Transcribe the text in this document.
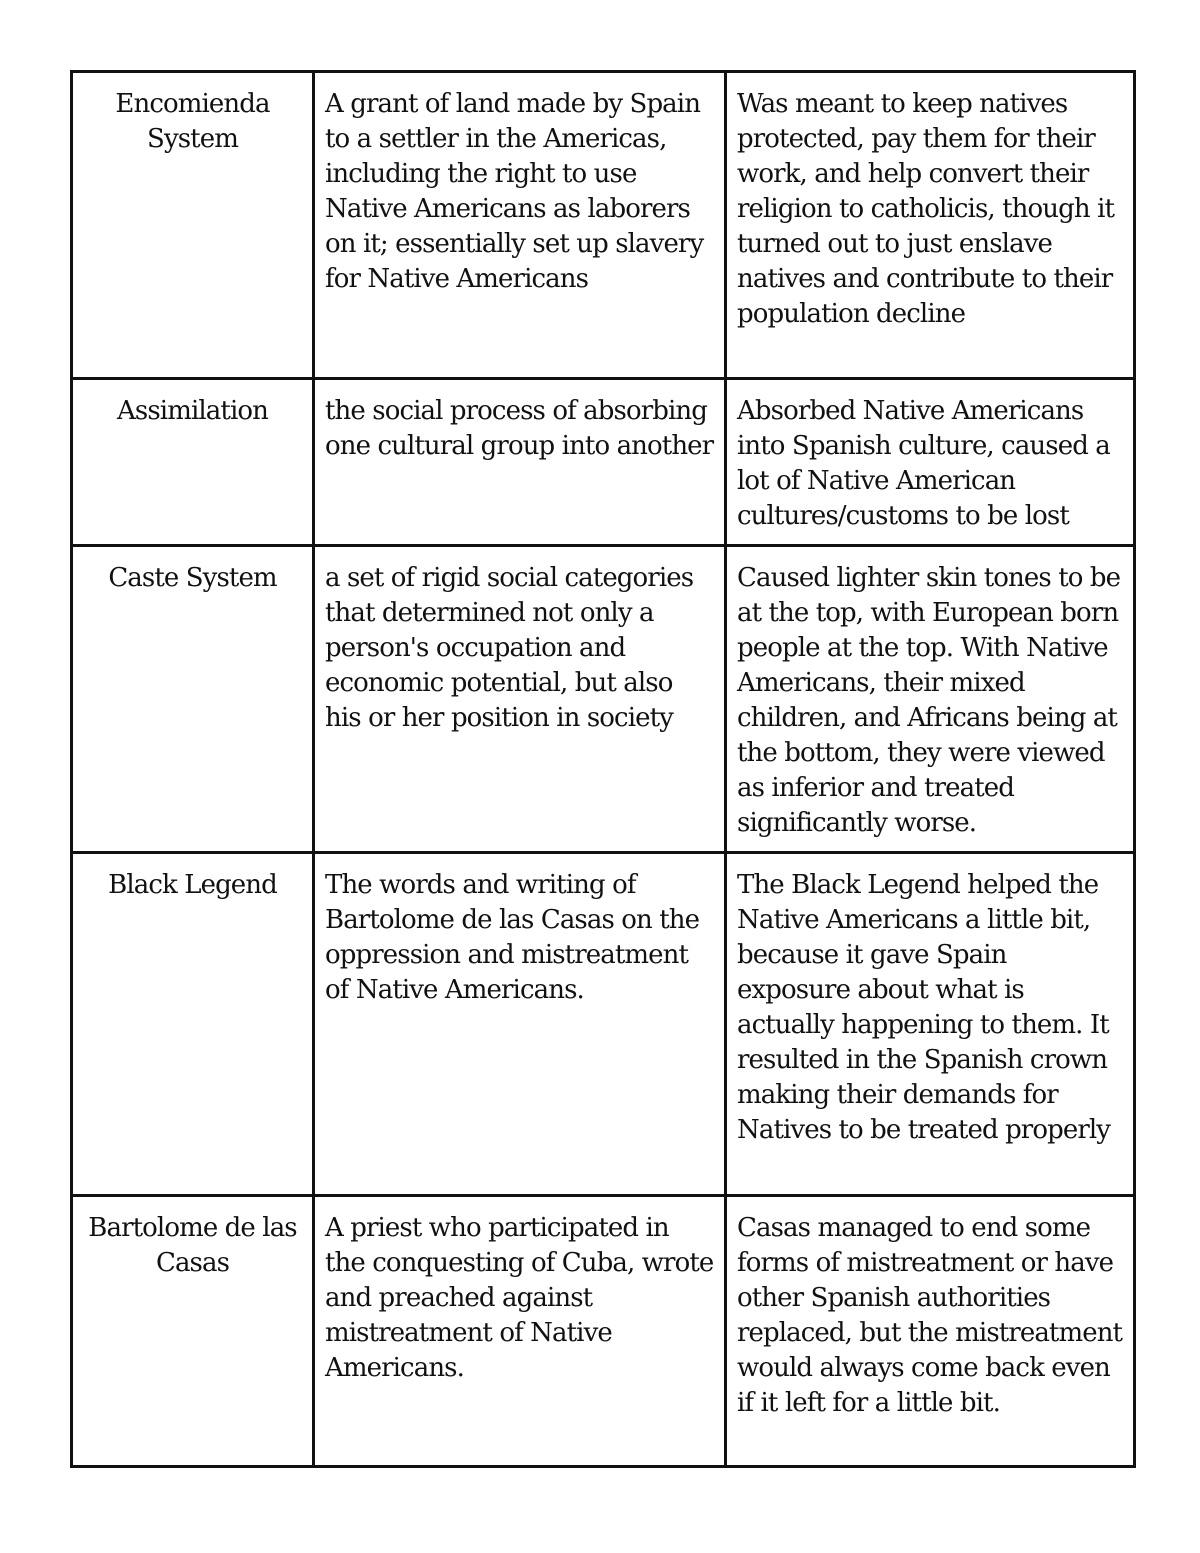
Encomienda System	A grant of land made by Spain to a settler in the Americas, including the right to use Native Americans as laborers on it; essentially set up slavery for Native Americans	Was meant to keep natives protected, pay them for their work, and help convert their religion to catholicis, though it turned out to just enslave natives and contribute to their population decline
Assimilation	the social process of absorbing one cultural group into another	Absorbed Native Americans into Spanish culture, caused a lot of Native American cultures/customs to be lost
Caste System	a set of rigid social categories that determined not only a person's occupation and economic potential, but also his or her position in society	Caused lighter skin tones to be at the top, with European born people at the top. With Native Americans, their mixed children, and Africans being at the bottom, they were viewed as inferior and treated significantly worse.
Black Legend	The words and writing of Bartolome de las Casas on the oppression and mistreatment of Native Americans.	The Black Legend helped the Native Americans a little bit, because it gave Spain exposure about what is actually happening to them. It resulted in the Spanish crown making their demands for Natives to be treated properly
Bartolome de las Casas	A priest who participated in the conquesting of Cuba, wrote and preached against mistreatment of Native Americans.	Casas managed to end some forms of mistreatment or have other Spanish authorities replaced, but the mistreatment would always come back even if it left for a little bit.
